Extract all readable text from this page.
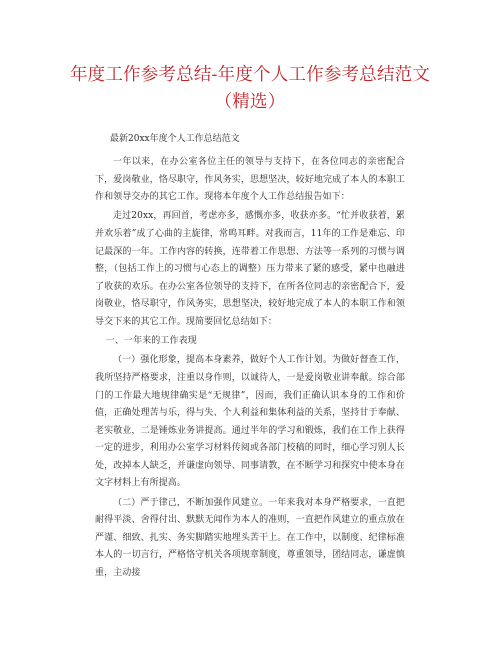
年度工作参考总结-年度个人工作参考总结范文（精选）

最新20xx年度个人工作总结范文

一年以来，在办公室各位主任的领导与支持下，在各位同志的亲密配合下，爱岗敬业，恪尽职守，作风务实，思想坚决，较好地完成了本人的本职工作和领导交办的其它工作。现将本年度个人工作总结报告如下：

走过20xx，再回首，考虑亦多，感慨亦多，收获亦多。“忙并收获着，累并欢乐着”成了心曲的主旋律，常鸣耳畔。对我而言，11年的工作是难忘、印记最深的一年。工作内容的转换，连带着工作思想、方法等一系列的习惯与调整，（包括工作上的习惯与心态上的调整）压力带来了紧的感受，紧中也融进了收获的欢乐。在办公室各位领导的支持下，在所各位同志的亲密配合下，爱岗敬业，恪尽职守，作风务实，思想坚决，较好地完成了本人的本职工作和领导交下来的其它工作。现简要回忆总结如下：

一、一年来的工作表现

（一）强化形象，提高本身素养，做好个人工作计划。为做好督查工作，我所坚持严格要求，注重以身作则，以诚待人，一是爱岗敬业讲奉献。综合部门的工作最大地规律确实是“无规律”，因而，我们正确认识本身的工作和价值，正确处理苦与乐，得与失、个人利益和集体利益的关系，坚持甘于奉献、老实敬业，二是锤炼业务讲提高。通过半年的学习和锻炼，我们在工作上获得一定的进步，利用办公室学习材料传阅或各部门校稿的同时，细心学习别人长处，改掉本人缺乏，并谦虚向领导、同事请教，在不断学习和探究中使本身在文字材料上有所提高。

（二）严于律己，不断加强作风建立。一年来我对本身严格要求，一直把耐得平淡、舍得付出、默默无闻作为本人的准则，一直把作风建立的重点放在严谨、细致、扎实、务实脚踏实地埋头苦干上。在工作中，以制度、纪律标准本人的一切言行，严格恪守机关各项规章制度，尊重领导，团结同志，谦虚慎重，主动接
